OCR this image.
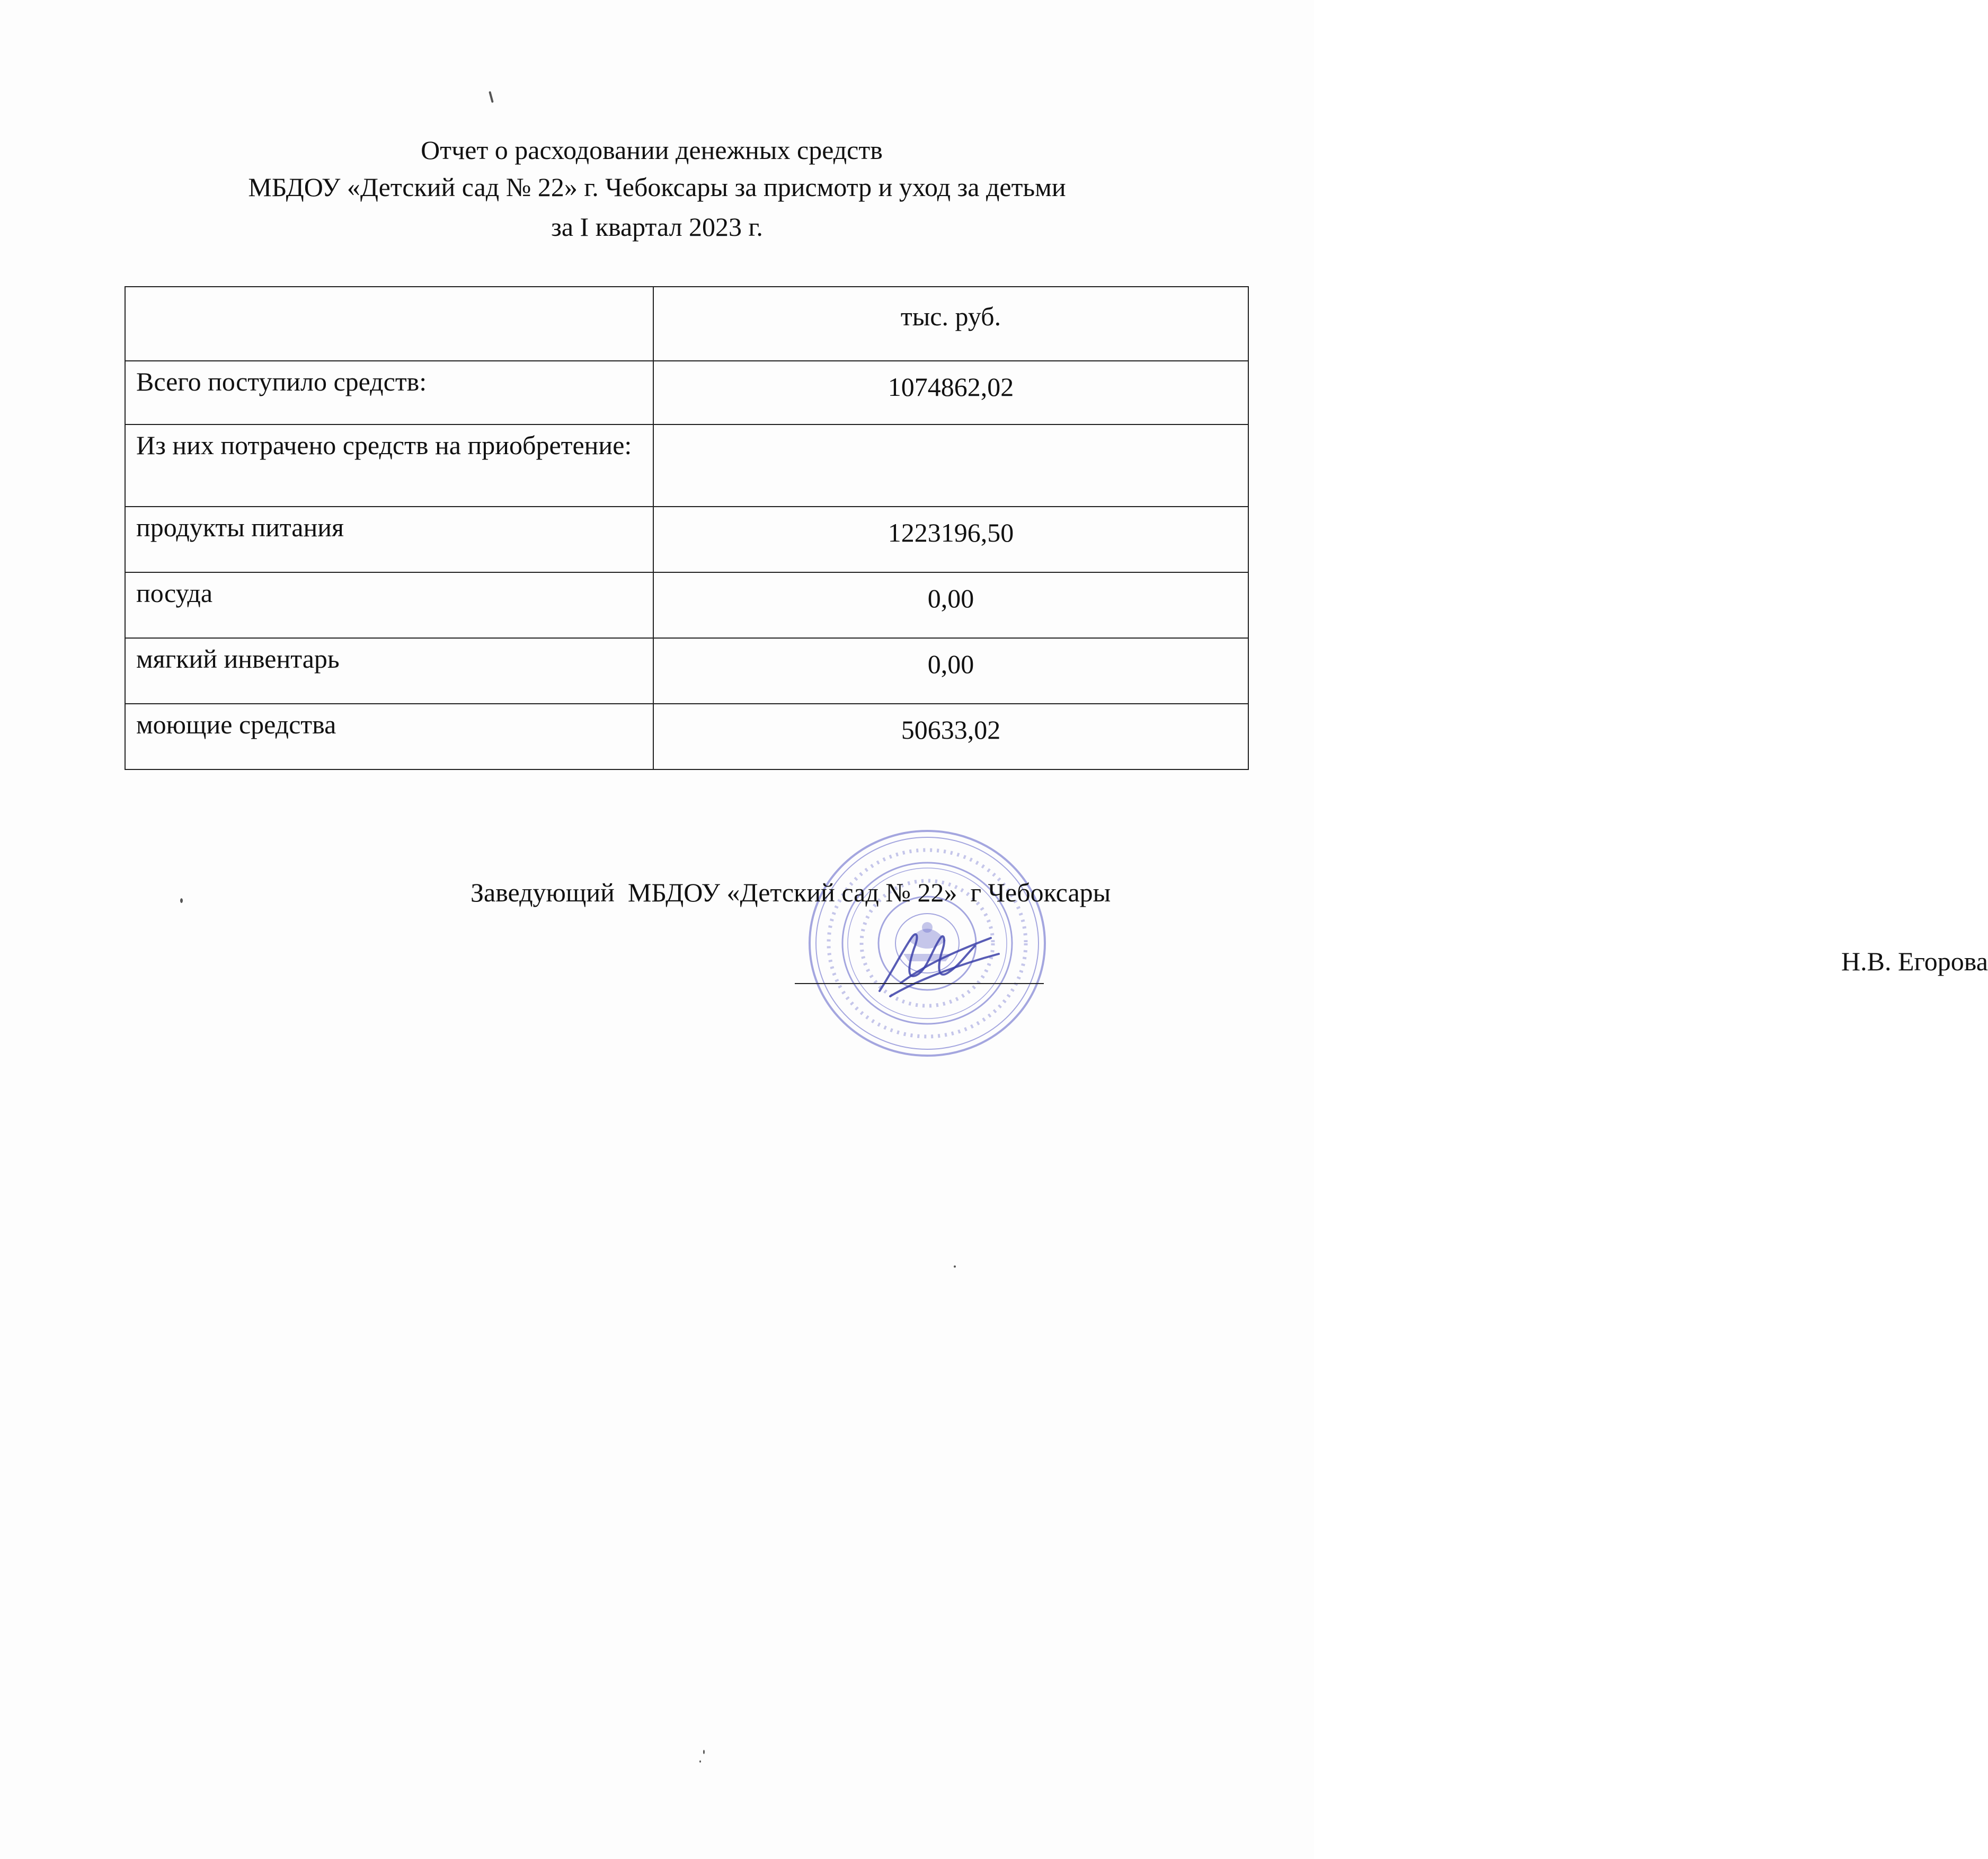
Отчет о расходовании денежных средств
МБДОУ «Детский сад № 22» г. Чебоксары за присмотр и уход за детьми
за I квартал 2023 г.
	тыс. руб.
Всего поступило средств:	1074862,02
Из них потрачено средств на приобретение:	
продукты питания	1223196,50
посуда	0,00
мягкий инвентарь	0,00
моющие средства	50633,02
Заведующий  МБДОУ «Детский сад № 22»  г Чебоксары

Н.В. Егорова
